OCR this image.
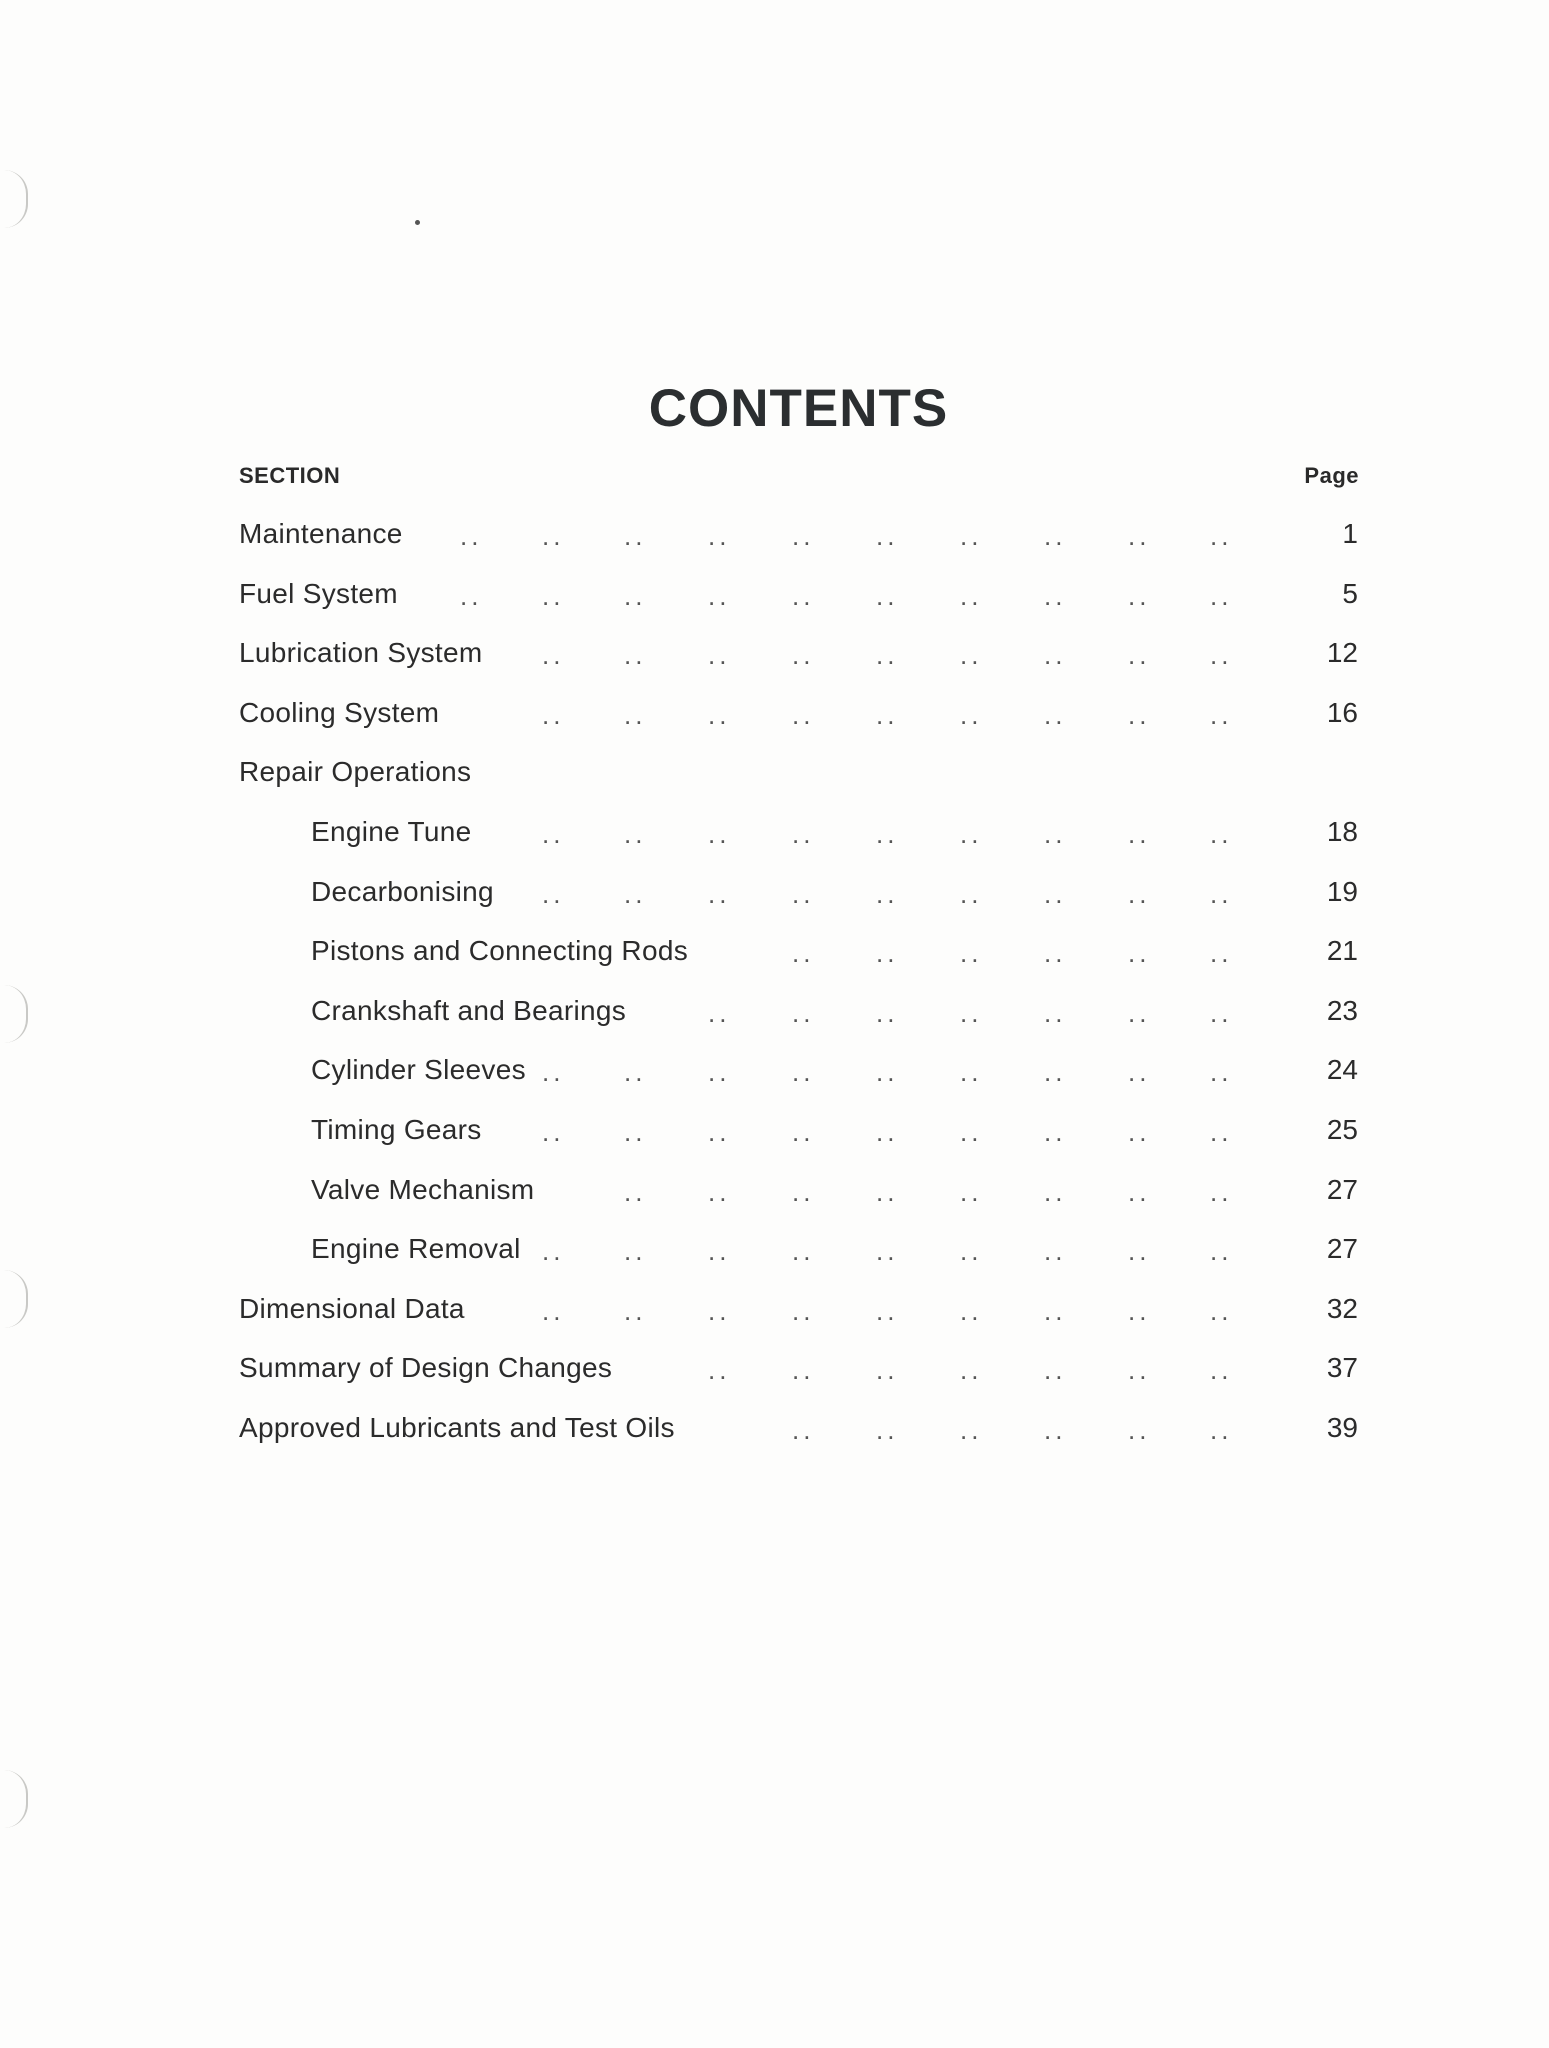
CONTENTS
SECTION	Page
Maintenance .. .. .. .. .. .. .. .. .. ..	1
Fuel System .. .. .. .. .. .. .. .. .. ..	5
Lubrication System .. .. .. .. .. .. .. .. ..	12
Cooling System	.. .. .. .. .. .. .. .. ..	16
Repair Operations
Engine Tune	.. .. .. .. .. .. .. .. ..	18
Decarbonising .. .. .. .. .. .. .. .. ..	19
Pistons and Connecting Rods	.. .. .. .. .. ..	21
Crankshaft and Bearings	.. .. .. .. .. .. ..	23
Cylinder Sleeves .. .. .. .. .. .. .. .. ..	24
Timing Gears .. .. .. .. .. .. .. .. ..	25
Valve Mechanism	.. .. .. .. .. .. .. ..	27
Engine Removal .. .. .. .. .. .. .. .. ..	27
Dimensional Data	.. .. .. .. .. .. .. .. ..	32
Summary of Design Changes	.. .. .. .. .. .. ..	37
Approved Lubricants and Test Oils	.. .. .. .. .. ..	39
